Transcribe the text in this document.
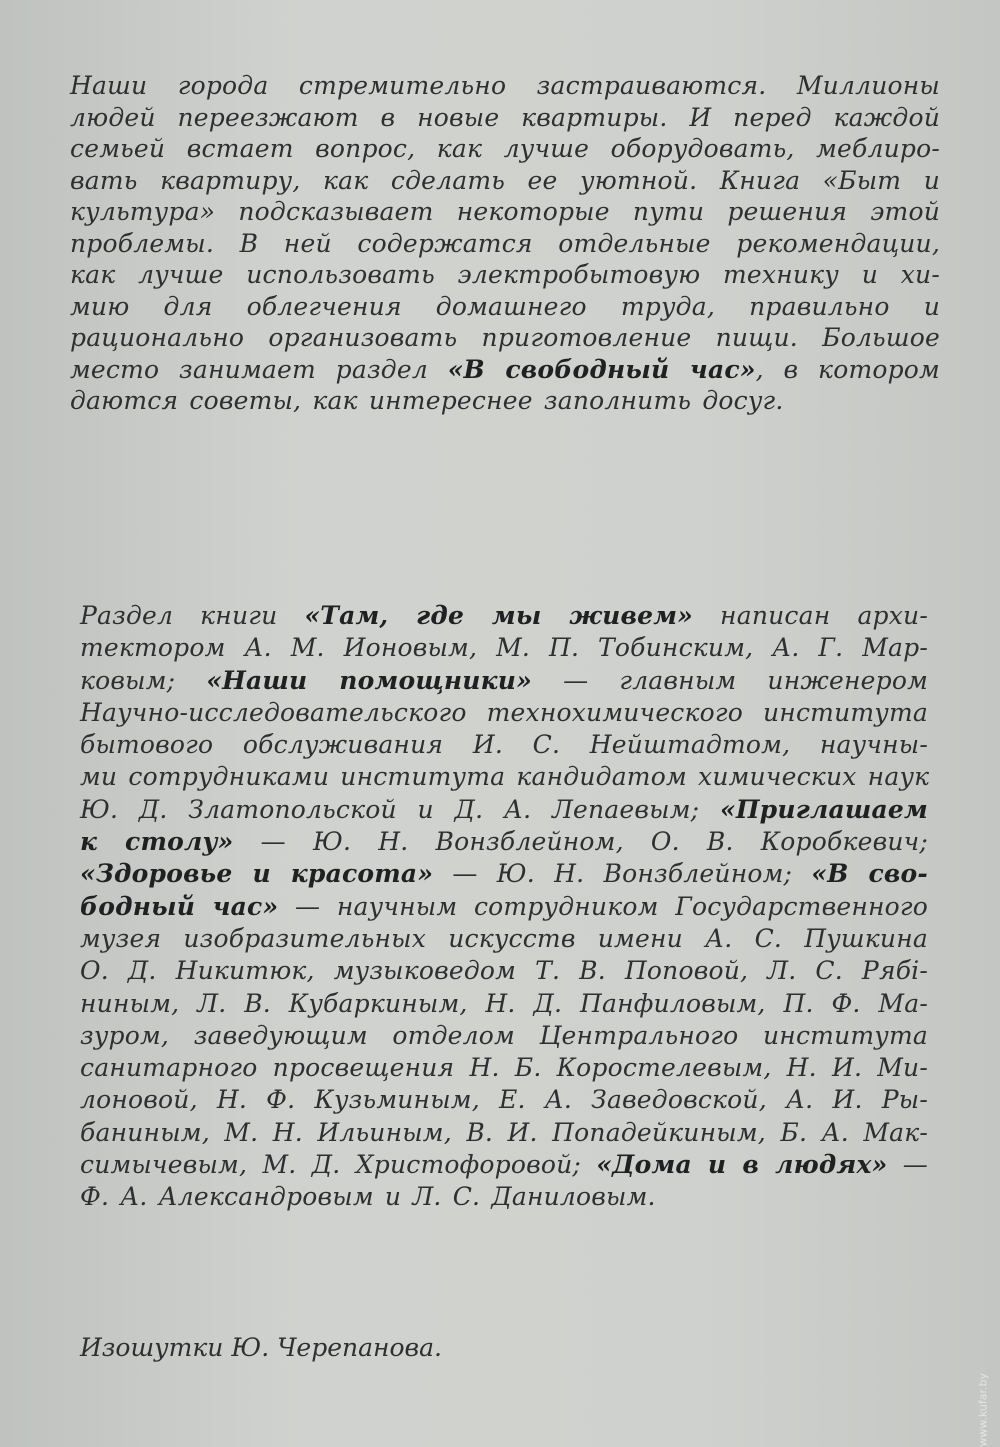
Наши города стремительно застраиваются. Миллионы
людей переезжают в новые квартиры. И перед каждой
семьей встает вопрос, как лучше оборудовать, меблиро-
вать квартиру, как сделать ее уютной. Книга «Быт и
культура» подсказывает некоторые пути решения этой
проблемы. В ней содержатся отдельные рекомендации,
как лучше использовать электробытовую технику и хи-
мию для облегчения домашнего труда, правильно и
рационально организовать приготовление пищи. Большое
место занимает раздел «В свободный час», в котором
даются советы, как интереснее заполнить досуг.
Раздел книги «Там, где мы живем» написан архи-
тектором А. М. Ионовым, М. П. Тобинским, А. Г. Мар-
ковым; «Наши помощники» — главным инженером
Научно-исследовательского технохимического института
бытового обслуживания И. С. Нейштадтом, научны-
ми сотрудниками института кандидатом химических наук
Ю. Д. Златопольской и Д. А. Лепаевым; «Приглашаем
к столу» — Ю. Н. Вонзблейном, О. В. Коробкевич;
«Здоровье и красота» — Ю. Н. Вонзблейном; «В сво-
бодный час» — научным сотрудником Государственного
музея изобразительных искусств имени А. С. Пушкина
О. Д. Никитюк, музыковедом Т. В. Поповой, Л. С. Рябi-
ниным, Л. В. Кубаркиным, Н. Д. Панфиловым, П. Ф. Ма-
зуром, заведующим отделом Центрального института
санитарного просвещения Н. Б. Коростелевым, Н. И. Ми-
лоновой, Н. Ф. Кузьминым, Е. А. Заведовской, А. И. Ры-
баниным, М. Н. Ильиным, В. И. Попадейкиным, Б. А. Мак-
симычевым, М. Д. Христофоровой; «Дома и в людях» —
Ф. А. Александровым и Л. С. Даниловым.
Изошутки Ю. Черепанова.
www.kufar.by
